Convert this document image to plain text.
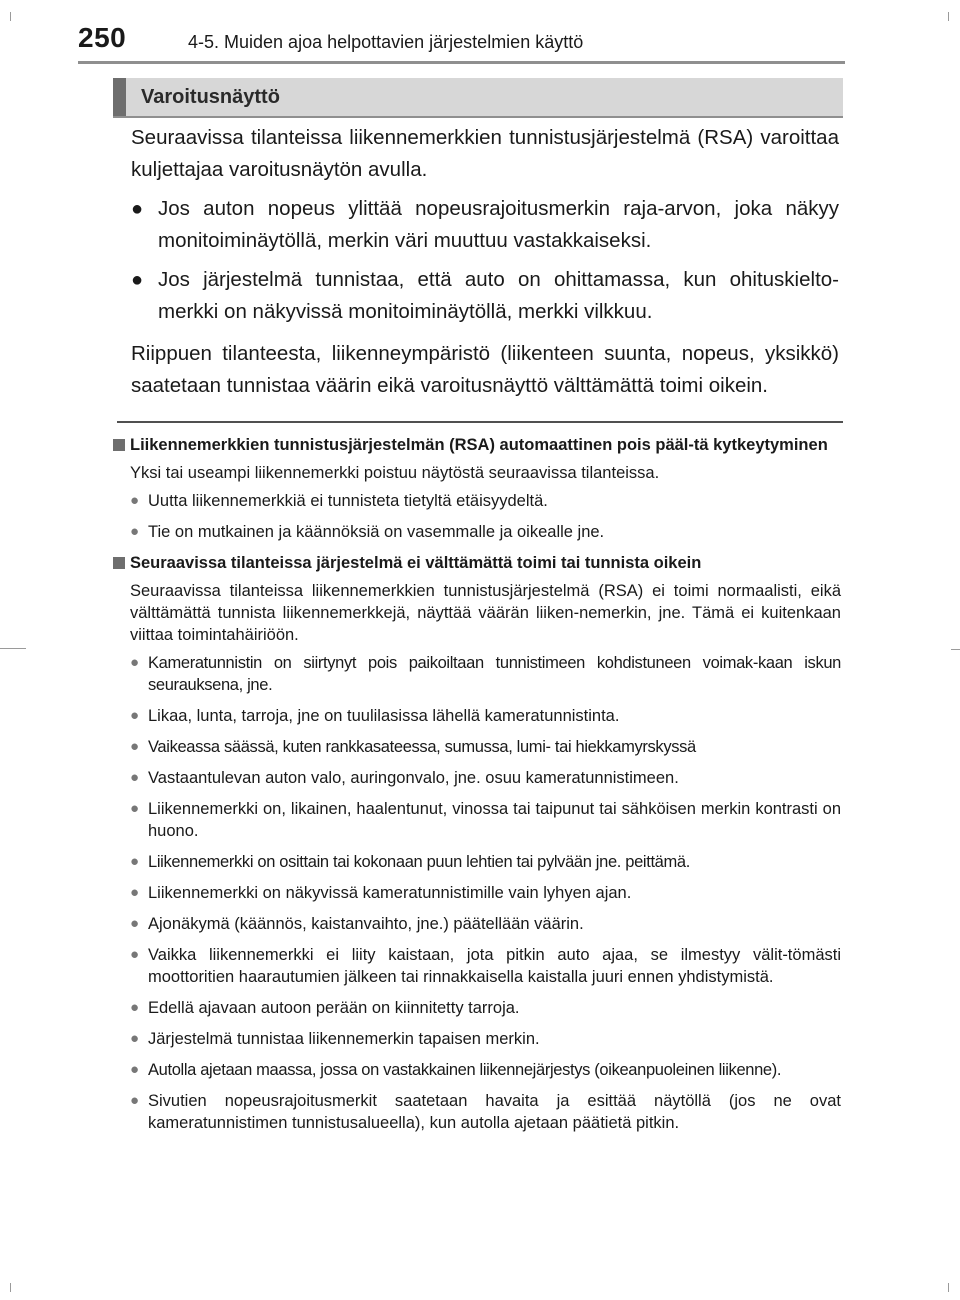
250	4-5. Muiden ajoa helpottavien järjestelmien käyttö
Varoitusnäyttö

Seuraavissa tilanteissa liikennemerkkien tunnistusjärjestelmä (RSA) varoittaa kuljettajaa varoitusnäytön avulla.

● Jos auton nopeus ylittää nopeusrajoitusmerkin raja-arvon, joka näkyy monitoiminäytöllä, merkin väri muuttuu vastakkaiseksi.
● Jos järjestelmä tunnistaa, että auto on ohittamassa, kun ohituskielto-merkki on näkyvissä monitoiminäytöllä, merkki vilkkuu.

Riippuen tilanteesta, liikenneympäristö (liikenteen suunta, nopeus, yksikkö) saatetaan tunnistaa väärin eikä varoitusnäyttö välttämättä toimi oikein.

Liikennemerkkien tunnistusjärjestelmän (RSA) automaattinen pois pääl-tä kytkeytyminen

Yksi tai useampi liikennemerkki poistuu näytöstä seuraavissa tilanteissa.

● Uutta liikennemerkkiä ei tunnisteta tietyltä etäisyydeltä.
● Tie on mutkainen ja käännöksiä on vasemmalle ja oikealle jne.
Seuraavissa tilanteissa järjestelmä ei välttämättä toimi tai tunnista oikein

Seuraavissa tilanteissa liikennemerkkien tunnistusjärjestelmä (RSA) ei toimi normaalisti, eikä välttämättä tunnista liikennemerkkejä, näyttää väärän liiken-nemerkin, jne. Tämä ei kuitenkaan viittaa toimintahäiriöön.

● Kameratunnistin on siirtynyt pois paikoiltaan tunnistimeen kohdistuneen voimak-kaan iskun seurauksena, jne.
● Likaa, lunta, tarroja, jne on tuulilasissa lähellä kameratunnistinta.
● Vaikeassa säässä, kuten rankkasateessa, sumussa, lumi- tai hiekkamyrskyssä
● Vastaantulevan auton valo, auringonvalo, jne. osuu kameratunnistimeen.
● Liikennemerkki on, likainen, haalentunut, vinossa tai taipunut tai sähköisen merkin kontrasti on huono.
● Liikennemerkki on osittain tai kokonaan puun lehtien tai pylvään jne. peittämä.
● Liikennemerkki on näkyvissä kameratunnistimille vain lyhyen ajan.
● Ajonäkymä (käännös, kaistanvaihto, jne.) päätellään väärin.
● Vaikka liikennemerkki ei liity kaistaan, jota pitkin auto ajaa, se ilmestyy välit-tömästi moottoritien haarautumien jälkeen tai rinnakkaisella kaistalla juuri ennen yhdistymistä.
● Edellä ajavaan autoon perään on kiinnitetty tarroja.
● Järjestelmä tunnistaa liikennemerkin tapaisen merkin.
● Autolla ajetaan maassa, jossa on vastakkainen liikennejärjestys (oikeanpuoleinen liikenne).
● Sivutien nopeusrajoitusmerkit saatetaan havaita ja esittää näytöllä (jos ne ovat kameratunnistimen tunnistusalueella), kun autolla ajetaan päätietä pitkin.
